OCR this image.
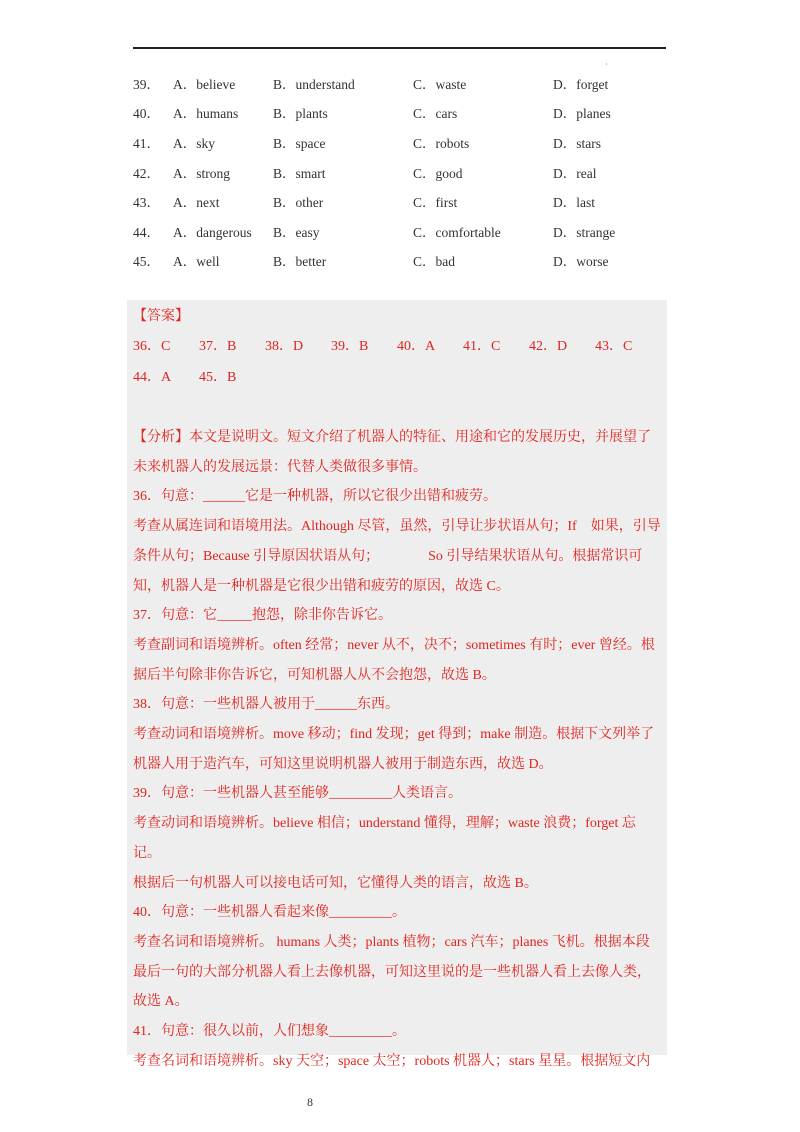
·
39． A．believe	B．understand	C．waste	D．forget
40． A．humans	B．plants	C．cars	D．planes
41． A．sky	B．space	C．robots	D．stars
42． A．strong	B．smart	C．good	D．real
43． A．next	B．other	C．first	D．last
44． A．dangerous	B．easy	C．comfortable	D．strange
45． A．well	B．better	C．bad	D．worse
【答案】
36．C	37．B	38．D	39．B	40．A	41．C	42．D	43．C
44．A	45．B

【分析】本文是说明文。短文介绍了机器人的特征、用途和它的发展历史，并展望了

未来机器人的发展远景：代替人类做很多事情。

36．句意：______它是一种机器，所以它很少出错和疲劳。

考查从属连词和语境用法。Although 尽管，虽然，引导让步状语从句；If　如果，引导

条件从句；Because 引导原因状语从句；　　　　So 引导结果状语从句。根据常识可

知，机器人是一种机器是它很少出错和疲劳的原因，故选 C。

37．句意：它_____抱怨，除非你告诉它。

考查副词和语境辨析。often 经常；never 从不，决不；sometimes 有时；ever 曾经。根

据后半句除非你告诉它，可知机器人从不会抱怨，故选 B。

38．句意：一些机器人被用于______东西。

考查动词和语境辨析。move 移动；find 发现；get 得到；make 制造。根据下文列举了

机器人用于造汽车，可知这里说明机器人被用于制造东西，故选 D。

39．句意：一些机器人甚至能够_________人类语言。

考查动词和语境辨析。believe 相信；understand 懂得，理解；waste 浪费；forget 忘记。

根据后一句机器人可以接电话可知，它懂得人类的语言，故选 B。

40．句意：一些机器人看起来像_________。

考查名词和语境辨析。 humans 人类；plants 植物；cars 汽车；planes 飞机。根据本段

最后一句的大部分机器人看上去像机器，可知这里说的是一些机器人看上去像人类，

故选 A。

41．句意：很久以前，人们想象_________。

考查名词和语境辨析。sky 天空；space 太空；robots 机器人；stars 星星。根据短文内

8
